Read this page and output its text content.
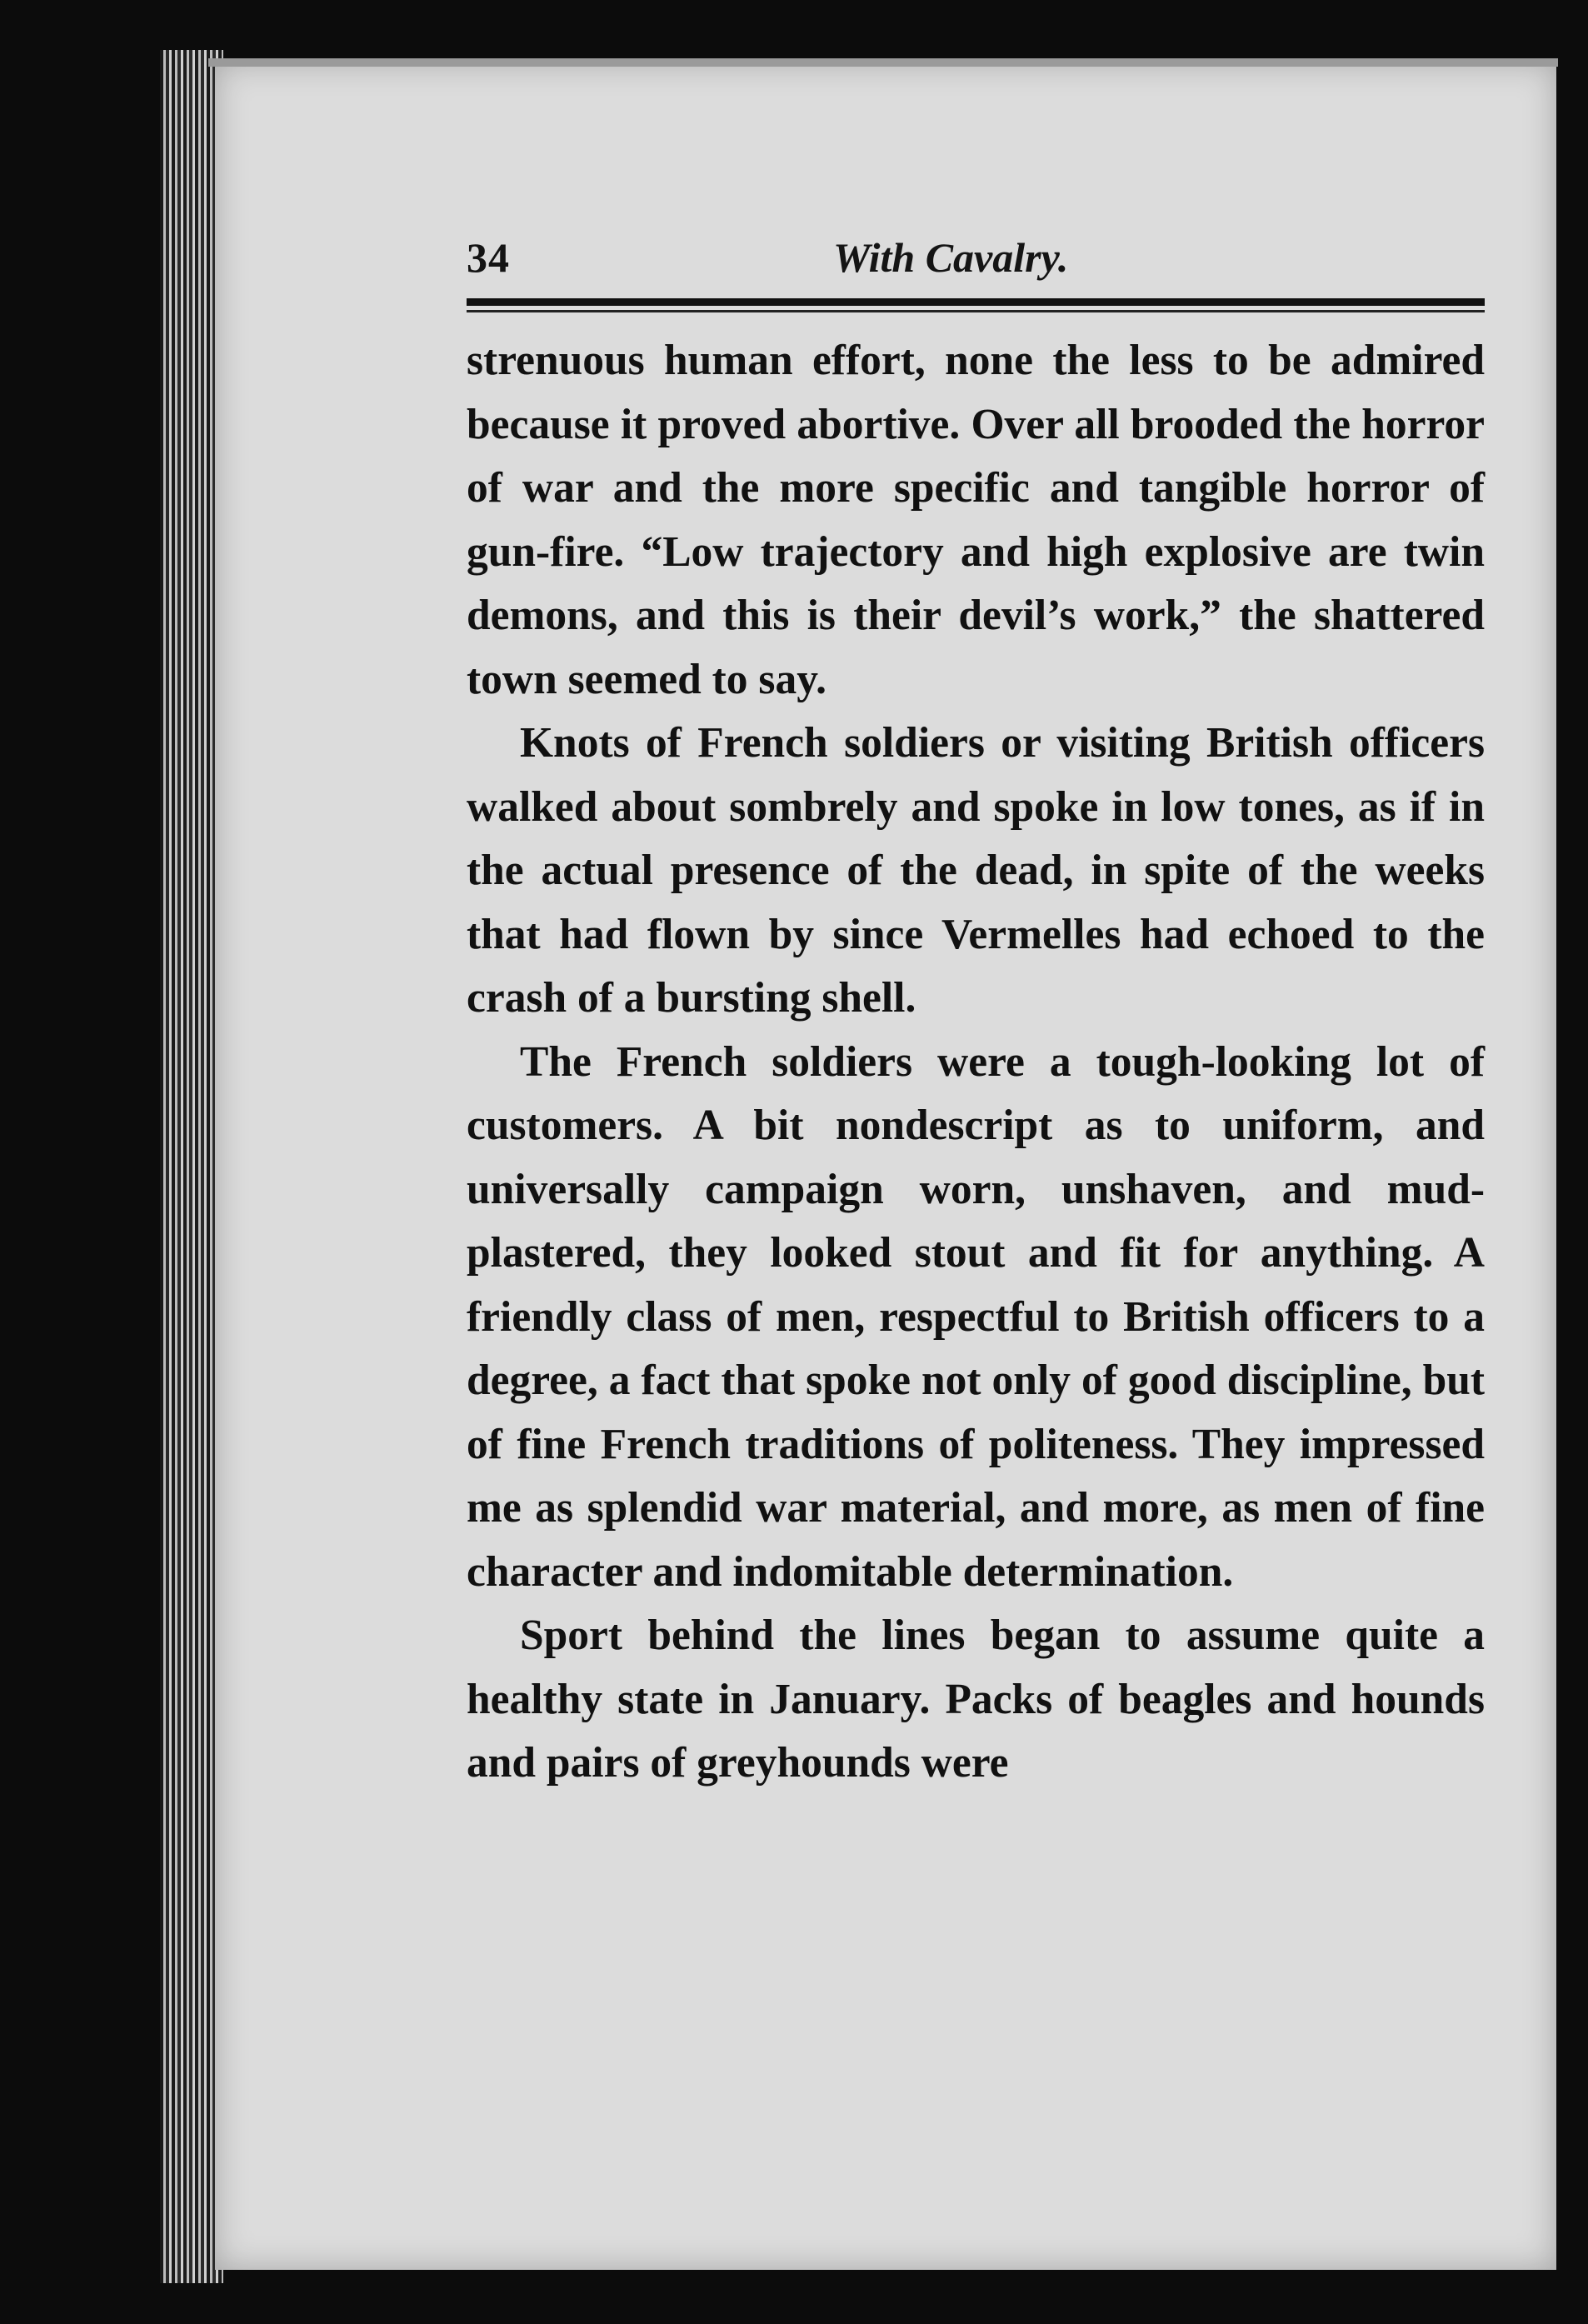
34	With Cavalry.

strenuous human effort, none the less to be admired because it proved abortive. Over all brooded the horror of war and the more specific and tangible horror of gun-fire. “Low trajectory and high explosive are twin demons, and this is their devil’s work,” the shattered town seemed to say.

Knots of French soldiers or visiting British officers walked about sombrely and spoke in low tones, as if in the actual presence of the dead, in spite of the weeks that had flown by since Vermelles had echoed to the crash of a bursting shell.

The French soldiers were a tough-looking lot of customers. A bit nondescript as to uniform, and universally campaign worn, unshaven, and mud-plastered, they looked stout and fit for anything. A friendly class of men, respectful to British officers to a degree, a fact that spoke not only of good discipline, but of fine French traditions of politeness. They impressed me as splendid war material, and more, as men of fine character and indomitable determination.

Sport behind the lines began to assume quite a healthy state in January. Packs of beagles and hounds and pairs of greyhounds were
